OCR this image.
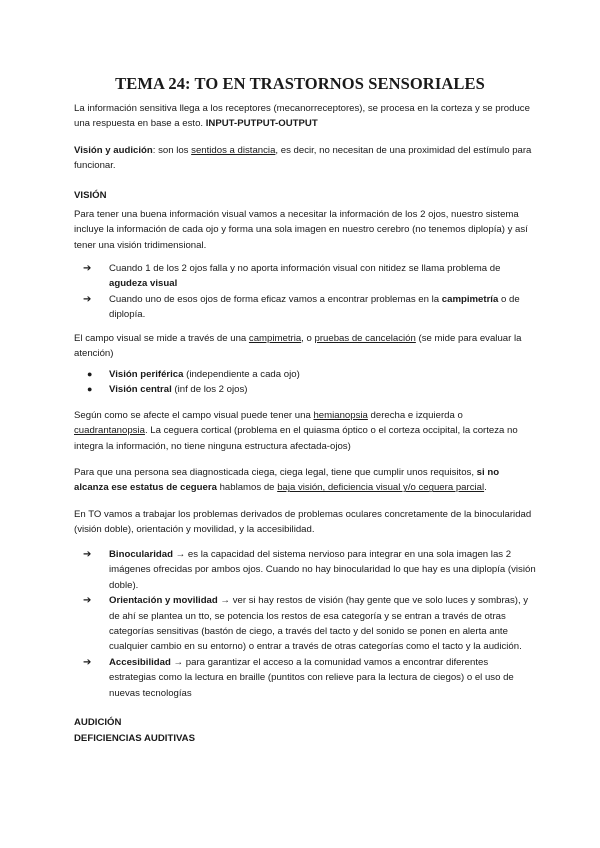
TEMA 24: TO EN TRASTORNOS SENSORIALES

La información sensitiva llega a los receptores (mecanorreceptores), se procesa en la corteza y se produce una respuesta en base a esto. INPUT-PUTPUT-OUTPUT

Visión y audición: son los sentidos a distancia, es decir, no necesitan de una proximidad del estímulo para funcionar.

VISIÓN

Para tener una buena información visual vamos a necesitar la información de los 2 ojos, nuestro sistema incluye la información de cada ojo y forma una sola imagen en nuestro cerebro (no tenemos diplopía) y así tener una visión tridimensional.

➔ Cuando 1 de los 2 ojos falla y no aporta información visual con nitidez se llama problema de agudeza visual
➔ Cuando uno de esos ojos de forma eficaz vamos a encontrar problemas en la campimetría o de diplopía.

El campo visual se mide a través de una campimetria, o pruebas de cancelación (se mide para evaluar la atención)

● Visión periférica (independiente a cada ojo)
● Visión central (inf de los 2 ojos)

Según como se afecte el campo visual puede tener una hemianopsia derecha e izquierda o cuadrantanopsia. La ceguera cortical (problema en el quiasma óptico o el corteza occipital, la corteza no integra la información, no tiene ninguna estructura afectada-ojos)

Para que una persona sea diagnosticada ciega, ciega legal, tiene que cumplir unos requisitos, si no alcanza ese estatus de ceguera hablamos de baja visión, deficiencia visual y/o ceguera parcial.

En TO vamos a trabajar los problemas derivados de problemas oculares concretamente de la binocularidad (visión doble), orientación y movilidad, y la accesibilidad.

➔ Binocularidad → es la capacidad del sistema nervioso para integrar en una sola imagen las 2 imágenes ofrecidas por ambos ojos. Cuando no hay binocularidad lo que hay es una diplopía (visión doble).
➔ Orientación y movilidad → ver si hay restos de visión (hay gente que ve solo luces y sombras), y de ahí se plantea un tto, se potencia los restos de esa categoría y se entran a través de otras categorías sensitivas (bastón de ciego, a través del tacto y del sonido se ponen en alerta ante cualquier cambio en su entorno) o entrar a través de otras categorías como el tacto y la audición.
➔ Accesibilidad → para garantizar el acceso a la comunidad vamos a encontrar diferentes estrategias como la lectura en braille (puntitos con relieve para la lectura de ciegos) o el uso de nuevas tecnologías

AUDICIÓN

DEFICIENCIAS AUDITIVAS
